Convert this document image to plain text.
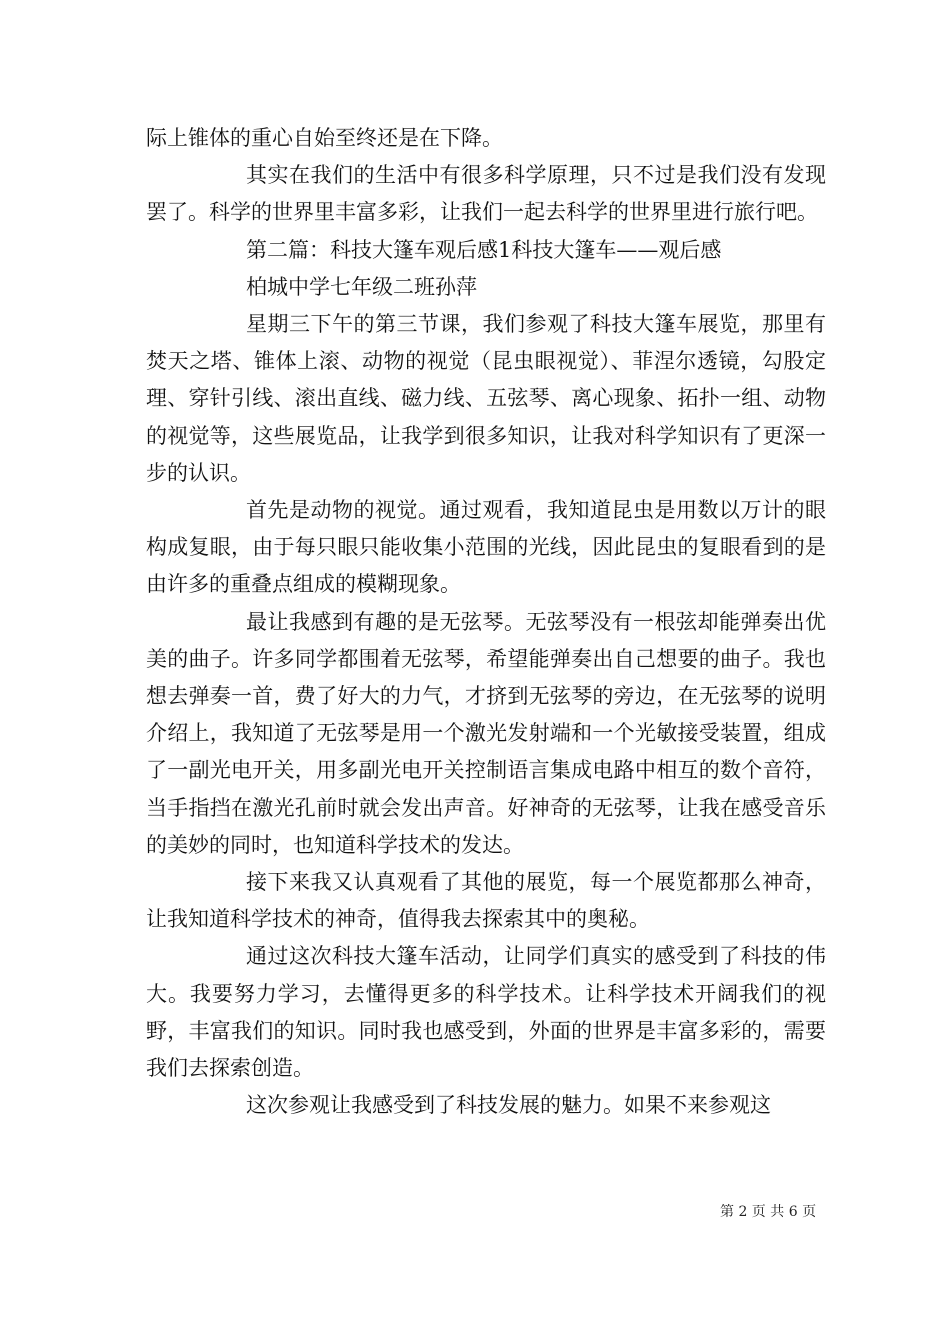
际上锥体的重心自始至终还是在下降。

其实在我们的生活中有很多科学原理，只不过是我们没有发现罢了。科学的世界里丰富多彩，让我们一起去科学的世界里进行旅行吧。

第二篇：科技大篷车观后感1科技大篷车——观后感

柏城中学七年级二班孙萍

星期三下午的第三节课，我们参观了科技大篷车展览，那里有焚天之塔、锥体上滚、动物的视觉（昆虫眼视觉）、菲涅尔透镜，勾股定理、穿针引线、滚出直线、磁力线、五弦琴、离心现象、拓扑一组、动物的视觉等，这些展览品，让我学到很多知识，让我对科学知识有了更深一步的认识。

首先是动物的视觉。通过观看，我知道昆虫是用数以万计的眼构成复眼，由于每只眼只能收集小范围的光线，因此昆虫的复眼看到的是由许多的重叠点组成的模糊现象。

最让我感到有趣的是无弦琴。无弦琴没有一根弦却能弹奏出优美的曲子。许多同学都围着无弦琴，希望能弹奏出自己想要的曲子。我也想去弹奏一首，费了好大的力气，才挤到无弦琴的旁边，在无弦琴的说明介绍上，我知道了无弦琴是用一个激光发射端和一个光敏接受装置，组成了一副光电开关，用多副光电开关控制语言集成电路中相互的数个音符，当手指挡在激光孔前时就会发出声音。好神奇的无弦琴，让我在感受音乐的美妙的同时，也知道科学技术的发达。

接下来我又认真观看了其他的展览，每一个展览都那么神奇，让我知道科学技术的神奇，值得我去探索其中的奥秘。

通过这次科技大篷车活动，让同学们真实的感受到了科技的伟大。我要努力学习，去懂得更多的科学技术。让科学技术开阔我们的视野，丰富我们的知识。同时我也感受到，外面的世界是丰富多彩的，需要我们去探索创造。

这次参观让我感受到了科技发展的魅力。如果不来参观这

第 2 页 共 6 页
